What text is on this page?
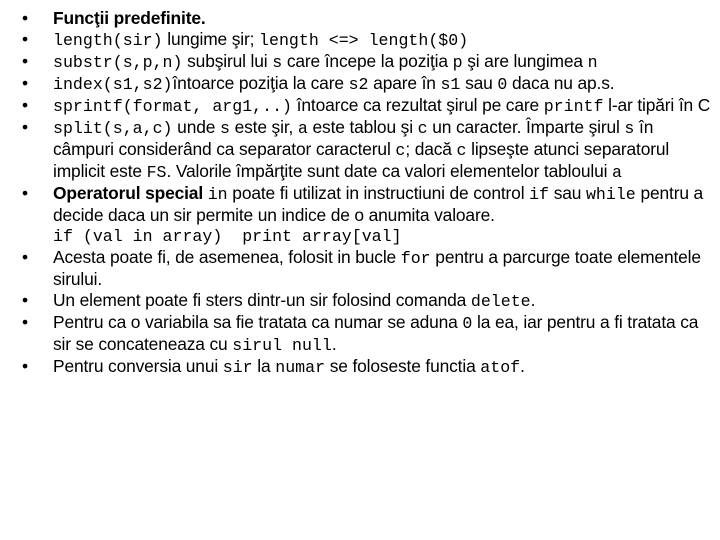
•	Funcţii predefinite.
•	length(sir) lungime şir; length <=> length($0)
•	substr(s,p,n) subşirul lui s care începe la poziţia p şi are lungimea n
•	index(s1,s2)întoarce poziţia la care s2 apare în s1 sau 0 daca nu ap.s.
•	sprintf(format, arg1,..) întoarce ca rezultat şirul pe care printf l-ar tipări în C
•	split(s,a,c) unde s este şir, a este tablou şi c un caracter. Împarte şirul s în câmpuri considerând ca separator caracterul c; dacă c lipseşte atunci separatorul implicit este FS. Valorile împărţite sunt date ca valori elementelor tabloului a
•	Operatorul special in poate fi utilizat in instructiuni de control if sau while pentru a decide daca un sir permite un indice de o anumita valoare.
if (val in array)  print array[val]
•	Acesta poate fi, de asemenea, folosit in bucle for pentru a parcurge toate elementele sirului.
•	Un element poate fi sters dintr-un sir folosind comanda delete.
•	Pentru ca o variabila sa fie tratata ca numar se aduna 0 la ea, iar pentru a fi tratata ca sir se concateneaza cu sirul null.
•	Pentru conversia unui sir la numar se foloseste functia atof.
